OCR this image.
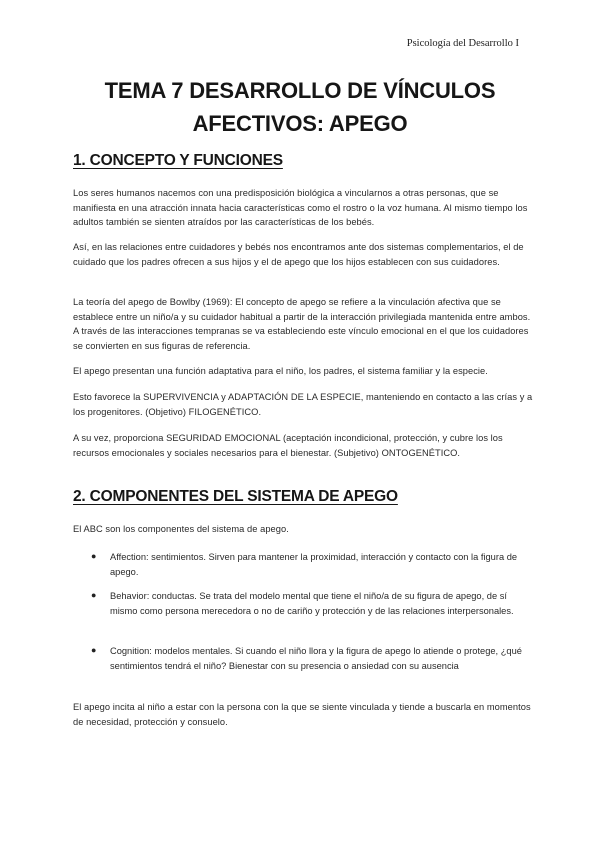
Psicología del Desarrollo I
TEMA 7 DESARROLLO DE VÍNCULOS
AFECTIVOS: APEGO
1. CONCEPTO Y FUNCIONES
Los seres humanos nacemos con una predisposición biológica a vincularnos a otras personas, que se manifiesta en una atracción innata hacia características como el rostro o la voz humana. Al mismo tiempo los adultos también se sienten atraídos por las características de los bebés.
Así, en las relaciones entre cuidadores y bebés nos encontramos ante dos sistemas complementarios, el de cuidado que los padres ofrecen a sus hijos y el de apego que los hijos establecen con sus cuidadores.
La teoría del apego de Bowlby (1969): El concepto de apego se refiere a la vinculación afectiva que se establece entre un niño/a y su cuidador habitual a partir de la interacción privilegiada mantenida entre ambos. A través de las interacciones tempranas se va estableciendo este vínculo emocional en el que los cuidadores se convierten en sus figuras de referencia.
El apego presentan una función adaptativa para el niño, los padres, el sistema familiar y la especie.
Esto favorece la SUPERVIVENCIA y ADAPTACIÓN DE LA ESPECIE, manteniendo en contacto a las crías y a los progenitores. (Objetivo) FILOGENÉTICO.
A su vez, proporciona SEGURIDAD EMOCIONAL (aceptación incondicional, protección, y cubre los los recursos emocionales y sociales necesarios para el bienestar. (Subjetivo) ONTOGENÉTICO.
2. COMPONENTES DEL SISTEMA DE APEGO
El ABC son los componentes del sistema de apego.
● Affection: sentimientos. Sirven para mantener la proximidad, interacción y contacto con la figura de apego.
● Behavior: conductas. Se trata del modelo mental que tiene el niño/a de su figura de apego, de sí mismo como persona merecedora o no de cariño y protección y de las relaciones interpersonales.
● Cognition: modelos mentales. Si cuando el niño llora y la figura de apego lo atiende o protege, ¿qué sentimientos tendrá el niño? Bienestar con su presencia o ansiedad con su ausencia
El apego incita al niño a estar con la persona con la que se siente vinculada y tiende a buscarla en momentos de necesidad, protección y consuelo.
